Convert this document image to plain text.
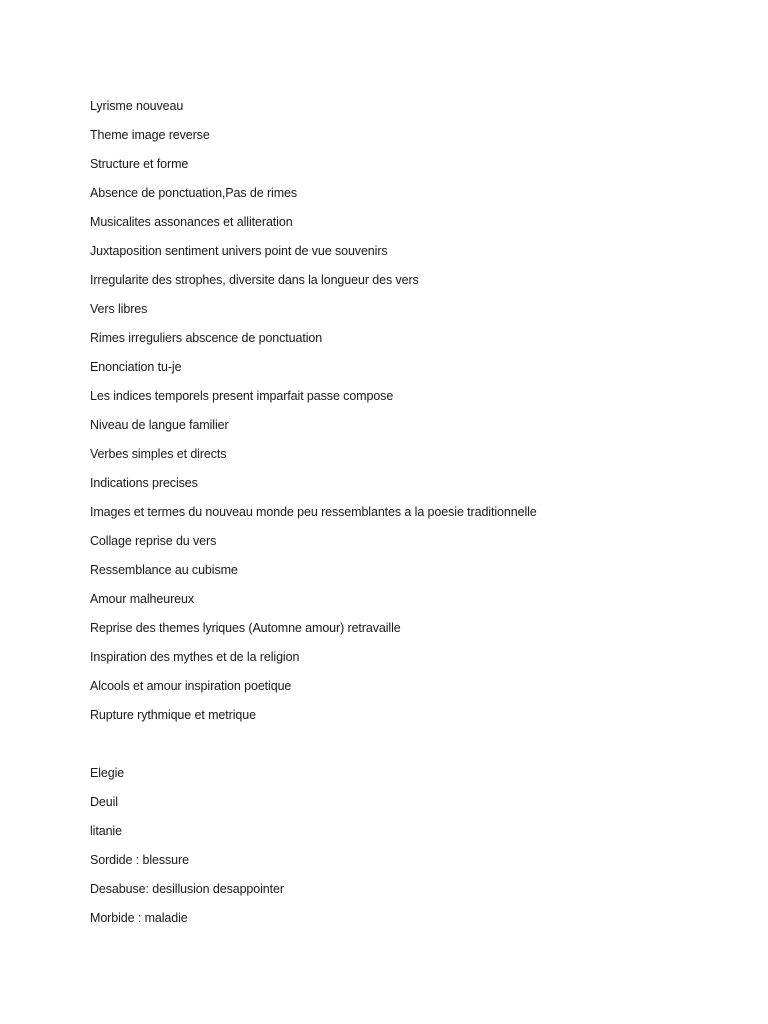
Lyrisme nouveau
Theme image reverse
Structure et forme
Absence de ponctuation,Pas de rimes
Musicalites assonances et alliteration
Juxtaposition sentiment univers point de vue souvenirs
Irregularite des strophes, diversite dans la longueur des vers
Vers libres
Rimes irreguliers abscence de ponctuation
Enonciation tu-je
Les indices temporels present imparfait passe compose
Niveau de langue familier
Verbes simples et directs
Indications precises
Images et termes du nouveau monde peu ressemblantes a la poesie traditionnelle
Collage reprise du vers
Ressemblance au cubisme
Amour malheureux
Reprise des themes lyriques (Automne amour) retravaille
Inspiration des mythes et de la religion
Alcools et amour inspiration poetique
Rupture rythmique et metrique
Elegie
Deuil
litanie
Sordide : blessure
Desabuse: desillusion desappointer
Morbide : maladie
